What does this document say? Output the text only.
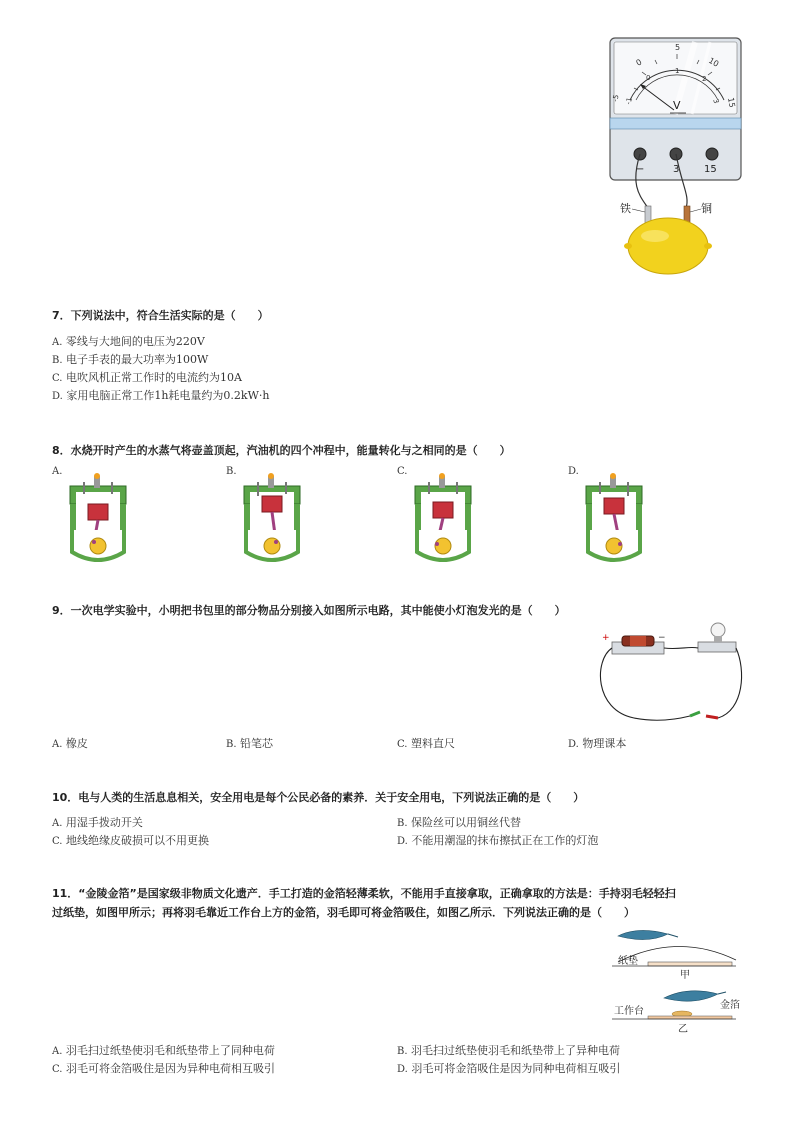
0
5
10
15
-5 -1
0
1
2
3
V
−	3 15
铁	铜
7．下列说法中，符合生活实际的是（　　）
A. 零线与大地间的电压为220V
B. 电子手表的最大功率为100W
C. 电吹风机正常工作时的电流约为10A
D. 家用电脑正常工作1h耗电量约为0.2kW·h
8．水烧开时产生的水蒸气将壶盖顶起，汽油机的四个冲程中，能量转化与之相同的是（　　）
A.	B.	C.	D.
9．一次电学实验中，小明把书包里的部分物品分别接入如图所示电路，其中能使小灯泡发光的是（　　）
+	−
A. 橡皮	B. 铅笔芯	C. 塑料直尺	D. 物理课本
10．电与人类的生活息息相关，安全用电是每个公民必备的素养．关于安全用电，下列说法正确的是（　　）
A. 用湿手拨动开关	B. 保险丝可以用铜丝代替
C. 地线绝缘皮破损可以不用更换	D. 不能用潮湿的抹布擦拭正在工作的灯泡
11．“金陵金箔”是国家级非物质文化遗产．手工打造的金箔轻薄柔软，不能用手直接拿取，正确拿取的方法是：手持羽毛轻轻扫
过纸垫，如图甲所示；再将羽毛靠近工作台上方的金箔，羽毛即可将金箔吸住，如图乙所示．下列说法正确的是（　　）
纸垫
甲
工作台
金箔
乙
A. 羽毛扫过纸垫使羽毛和纸垫带上了同种电荷	B. 羽毛扫过纸垫使羽毛和纸垫带上了异种电荷
C. 羽毛可将金箔吸住是因为异种电荷相互吸引	D. 羽毛可将金箔吸住是因为同种电荷相互吸引
